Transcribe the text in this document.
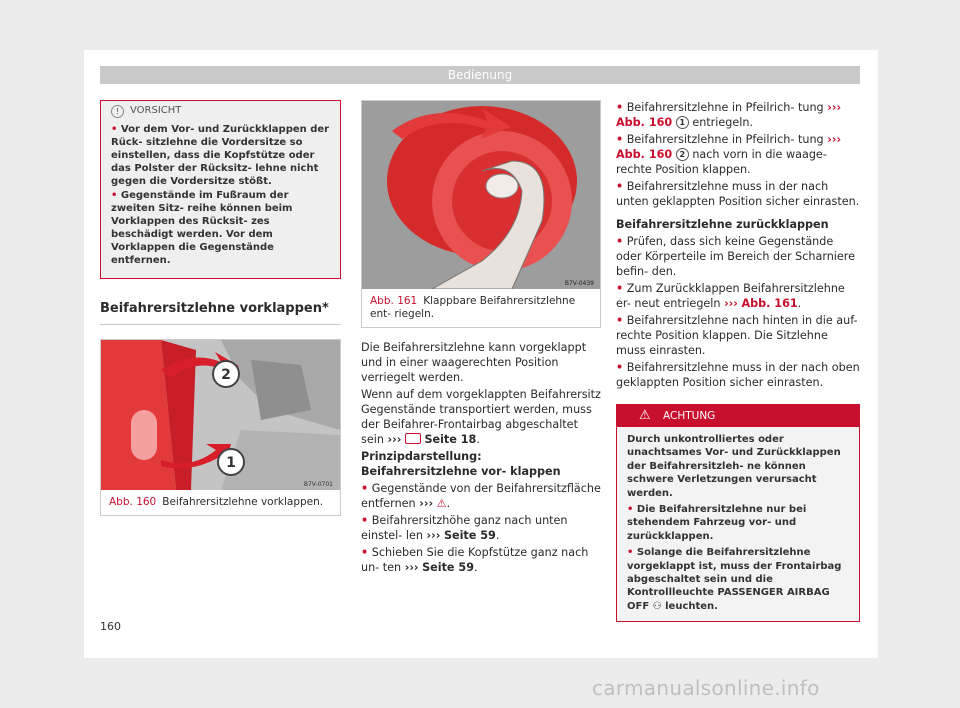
Bedienung
! VORSICHT
• Vor dem Vor- und Zurückklappen der Rück- sitzlehne die Vordersitze so einstellen, dass die Kopfstütze oder das Polster der Rücksitz- lehne nicht gegen die Vordersitze stößt.
• Gegenstände im Fußraum der zweiten Sitz- reihe können beim Vorklappen des Rücksit- zes beschädigt werden. Vor dem Vorklappen die Gegenstände entfernen.
Beifahrersitzlehne vorklappen*
2
1
B7V-0701
Abb. 160 Beifahrersitzlehne vorklappen.
B7V-0439
Abb. 161 Klappbare Beifahrersitzlehne ent- riegeln.

Die Beifahrersitzlehne kann vorgeklappt und in einer waagerechten Position verriegelt werden.

Wenn auf dem vorgeklappten Beifahrersitz Gegenstände transportiert werden, muss der Beifahrer-Frontairbag abgeschaltet sein ››› Seite 18.

Prinzipdarstellung: Beifahrersitzlehne vor- klappen

• Gegenstände von der Beifahrersitzfläche entfernen ››› ⚠.

• Beifahrersitzhöhe ganz nach unten einstel- len ››› Seite 59.

• Schieben Sie die Kopfstütze ganz nach un- ten ››› Seite 59.

• Beifahrersitzlehne in Pfeilrich- tung ››› Abb. 160 1 entriegeln.

• Beifahrersitzlehne in Pfeilrich- tung ››› Abb. 160 2 nach vorn in die waage- rechte Position klappen.

• Beifahrersitzlehne muss in der nach unten geklappten Position sicher einrasten.

Beifahrersitzlehne zurückklappen

• Prüfen, dass sich keine Gegenstände oder Körperteile im Bereich der Scharniere befin- den.

• Zum Zurückklappen Beifahrersitzlehne er- neut entriegeln ››› Abb. 161.

• Beifahrersitzlehne nach hinten in die auf- rechte Position klappen. Die Sitzlehne muss einrasten.

• Beifahrersitzlehne muss in der nach oben geklappten Position sicher einrasten.

⚠ ACHTUNG
Durch unkontrolliertes oder unachtsames Vor- und Zurückklappen der Beifahrersitzleh- ne können schwere Verletzungen verursacht werden.
• Die Beifahrersitzlehne nur bei stehendem Fahrzeug vor- und zurückklappen.
• Solange die Beifahrersitzlehne vorgeklappt ist, muss der Frontairbag abgeschaltet sein und die Kontrollleuchte PASSENGER AIRBAG OFF ⚇ leuchten.
160
carmanualsonline.info
